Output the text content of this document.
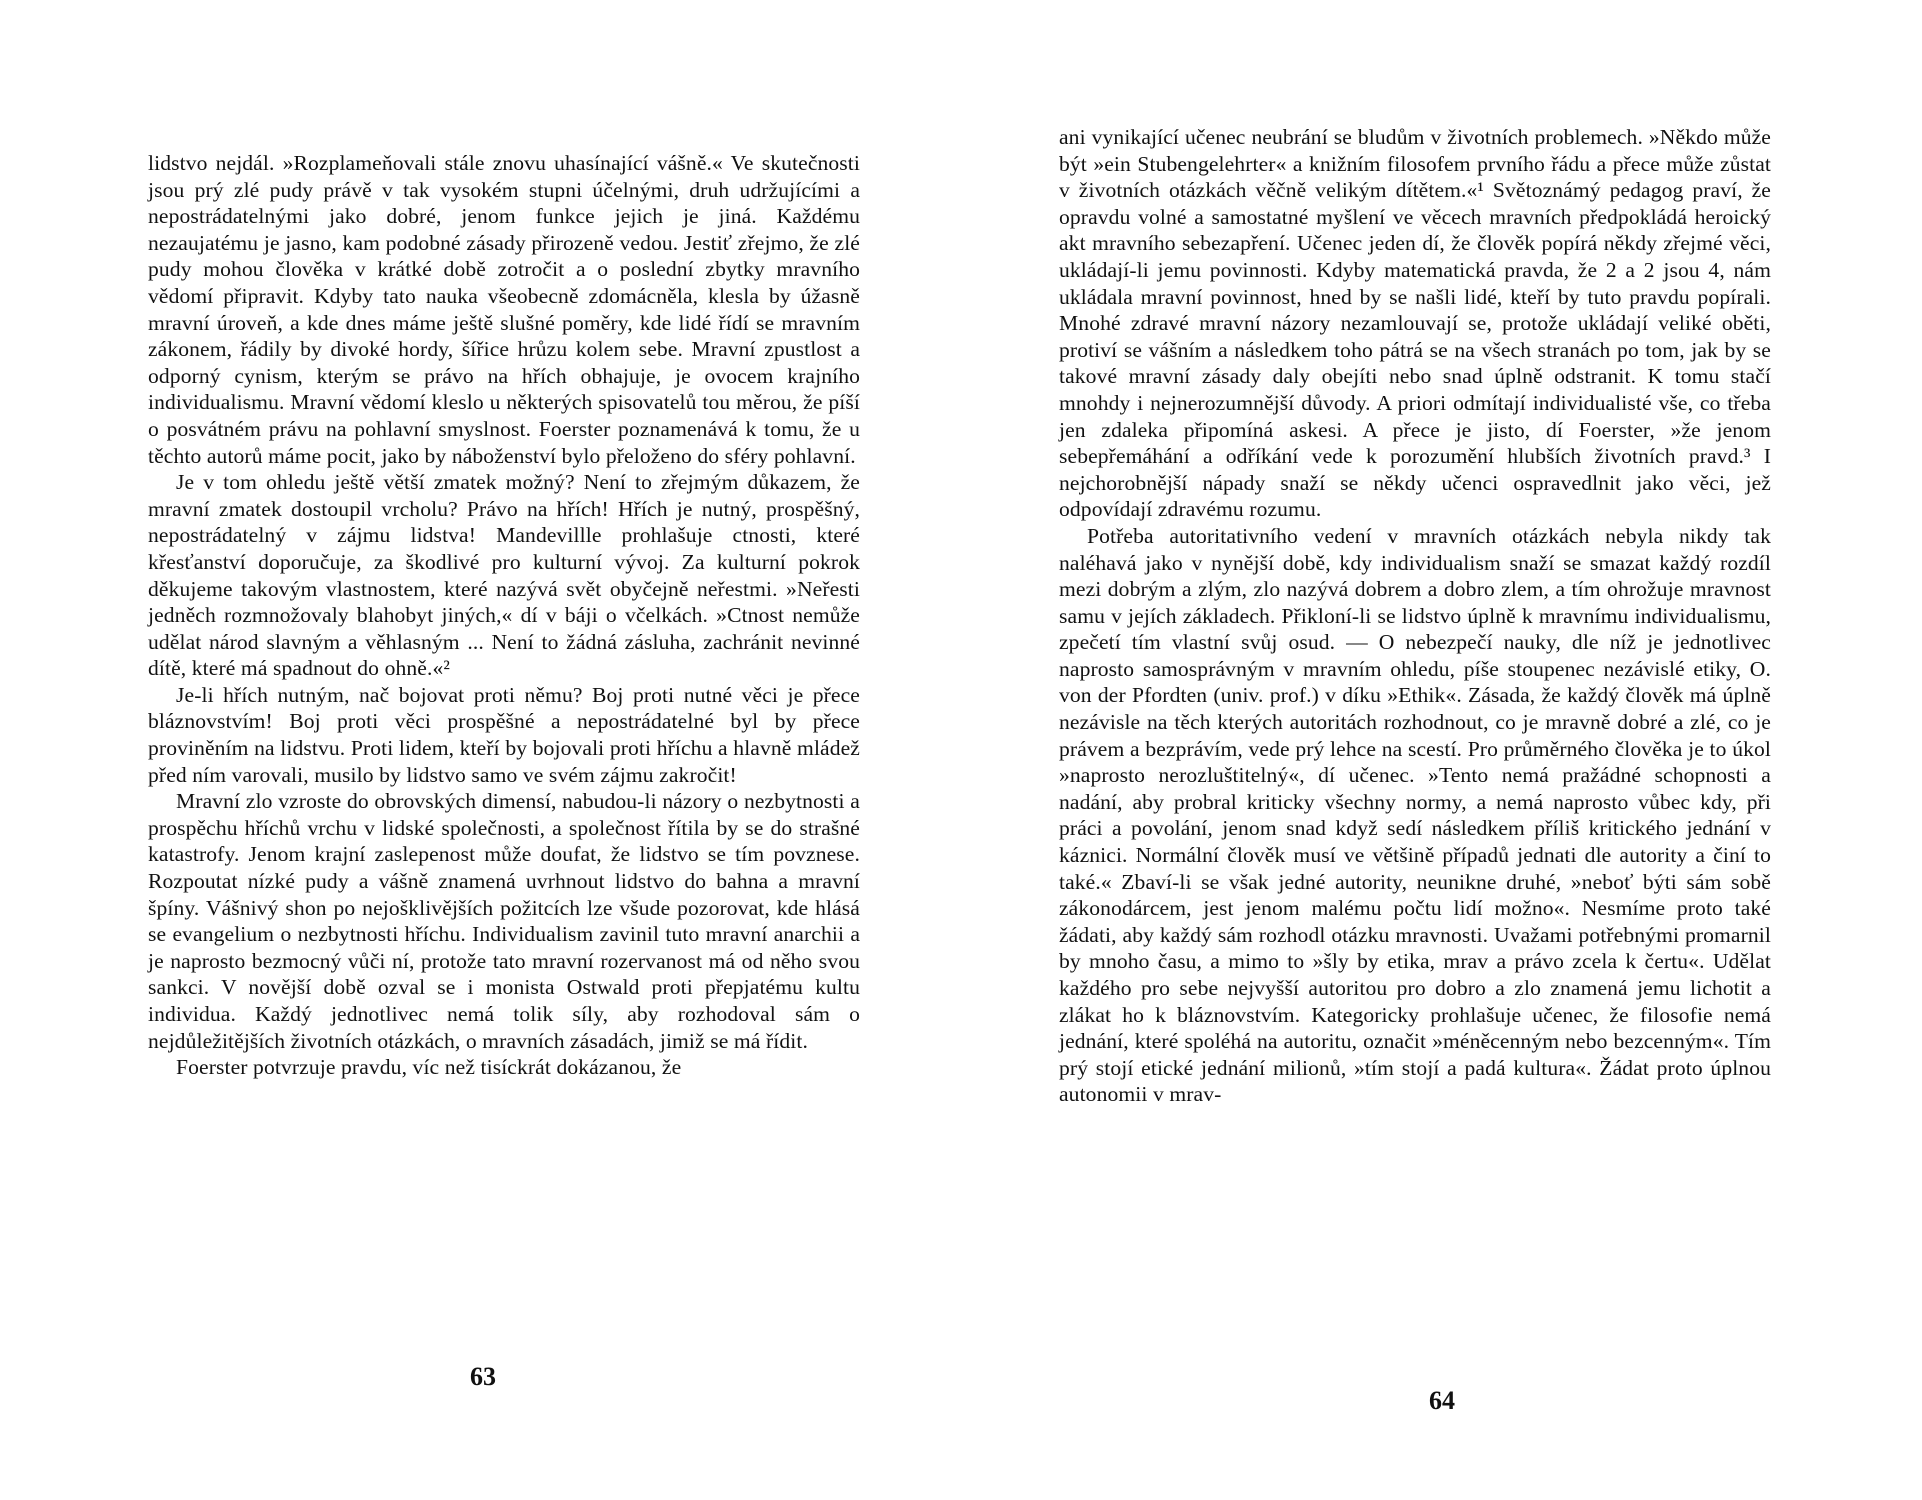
lidstvo nejdál. »Rozplameňovali stále znovu uhasínající vášně.« Ve skutečnosti jsou prý zlé pudy právě v tak vysokém stupni účelnými, druh udržujícími a nepostrádatelnými jako dobré, jenom funkce jejich je jiná. Každému nezaujatému je jasno, kam podobné zásady přirozeně vedou. Jestiť zřejmo, že zlé pudy mohou člověka v krátké době zotročit a o poslední zbytky mravního vědomí připravit. Kdyby tato nauka všeobecně zdomácněla, klesla by úžasně mravní úroveň, a kde dnes máme ještě slušné poměry, kde lidé řídí se mravním zákonem, řádily by divoké hordy, šířice hrůzu kolem sebe. Mravní zpustlost a odporný cynism, kterým se právo na hřích obhajuje, je ovocem krajního individualismu. Mravní vědomí kleslo u některých spisovatelů tou měrou, že píší o posvátném právu na pohlavní smyslnost. Foerster poznamenává k tomu, že u těchto autorů máme pocit, jako by náboženství bylo přeloženo do sféry pohlavní.

Je v tom ohledu ještě větší zmatek možný? Není to zřejmým důkazem, že mravní zmatek dostoupil vrcholu? Právo na hřích! Hřích je nutný, prospěšný, nepostrádatelný v zájmu lidstva! Mandevillle prohlašuje ctnosti, které křesťanství doporučuje, za škodlivé pro kulturní vývoj. Za kulturní pokrok děkujeme takovým vlastnostem, které nazývá svět obyčejně neřestmi. »Neřesti jedněch rozmnožovaly blahobyt jiných,« dí v báji o včelkách. »Ctnost nemůže udělat národ slavným a věhlasným ... Není to žádná zásluha, zachránit nevinné dítě, které má spadnout do ohně.«²

Je-li hřích nutným, nač bojovat proti němu? Boj proti nutné věci je přece bláznovstvím! Boj proti věci prospěšné a nepostrádatelné byl by přece proviněním na lidstvu. Proti lidem, kteří by bojovali proti hříchu a hlavně mládež před ním varovali, musilo by lidstvo samo ve svém zájmu zakročit!

Mravní zlo vzroste do obrovských dimensí, nabudou-li názory o nezbytnosti a prospěchu hříchů vrchu v lidské společnosti, a společnost řítila by se do strašné katastrofy. Jenom krajní zaslepenost může doufat, že lidstvo se tím povznese. Rozpoutat nízké pudy a vášně znamená uvrhnout lidstvo do bahna a mravní špíny. Vášnivý shon po nejošklivějších požitcích lze všude pozorovat, kde hlásá se evangelium o nezbytnosti hříchu. Individualism zavinil tuto mravní anarchii a je naprosto bezmocný vůči ní, protože tato mravní rozervanost má od něho svou sankci. V novější době ozval se i monista Ostwald proti přepjatému kultu individua. Každý jednotlivec nemá tolik síly, aby rozhodoval sám o nejdůležitějších životních otázkách, o mravních zásadách, jimiž se má řídit.

Foerster potvrzuje pravdu, víc než tisíckrát dokázanou, že

63

ani vynikající učenec neubrání se bludům v životních problemech. »Někdo může být »ein Stubengelehrter« a knižním filosofem prvního řádu a přece může zůstat v životních otázkách věčně velikým dítětem.«¹ Světoznámý pedagog praví, že opravdu volné a samostatné myšlení ve věcech mravních předpokládá heroický akt mravního sebezapření. Učenec jeden dí, že člověk popírá někdy zřejmé věci, ukládají-li jemu povinnosti. Kdyby matematická pravda, že 2 a 2 jsou 4, nám ukládala mravní povinnost, hned by se našli lidé, kteří by tuto pravdu popírali. Mnohé zdravé mravní názory nezamlouvají se, protože ukládají veliké oběti, protiví se vášním a následkem toho pátrá se na všech stranách po tom, jak by se takové mravní zásady daly obejíti nebo snad úplně odstranit. K tomu stačí mnohdy i nejnerozumnější důvody. A priori odmítají individualisté vše, co třeba jen zdaleka připomíná askesi. A přece je jisto, dí Foerster, »že jenom sebepřemáhání a odříkání vede k porozumění hlubších životních pravd.³ I nejchorobnější nápady snaží se někdy učenci ospravedlnit jako věci, jež odpovídají zdravému rozumu.

Potřeba autoritativního vedení v mravních otázkách nebyla nikdy tak naléhavá jako v nynější době, kdy individualism snaží se smazat každý rozdíl mezi dobrým a zlým, zlo nazývá dobrem a dobro zlem, a tím ohrožuje mravnost samu v jejích základech. Přikloní-li se lidstvo úplně k mravnímu individualismu, zpečetí tím vlastní svůj osud. — O nebezpečí nauky, dle níž je jednotlivec naprosto samosprávným v mravním ohledu, píše stoupenec nezávislé etiky, O. von der Pfordten (univ. prof.) v díku »Ethik«. Zásada, že každý člověk má úplně nezávisle na těch kterých autoritách rozhodnout, co je mravně dobré a zlé, co je právem a bezprávím, vede prý lehce na scestí. Pro průměrného člověka je to úkol »naprosto nerozluštitelný«, dí učenec. »Tento nemá pražádné schopnosti a nadání, aby probral kriticky všechny normy, a nemá naprosto vůbec kdy, při práci a povolání, jenom snad když sedí následkem příliš kritického jednání v káznici. Normální člověk musí ve většině případů jednati dle autority a činí to také.« Zbaví-li se však jedné autority, neunikne druhé, »neboť býti sám sobě zákonodárcem, jest jenom malému počtu lidí možno«. Nesmíme proto také žádati, aby každý sám rozhodl otázku mravnosti. Uvažami potřebnými promarnil by mnoho času, a mimo to »šly by etika, mrav a právo zcela k čertu«. Udělat každého pro sebe nejvyšší autoritou pro dobro a zlo znamená jemu lichotit a zlákat ho k bláznovstvím. Kategoricky prohlašuje učenec, že filosofie nemá jednání, které spoléhá na autoritu, označit »méněcenným nebo bezcenným«. Tím prý stojí etické jednání milionů, »tím stojí a padá kultura«. Žádat proto úplnou autonomii v mrav-

64
